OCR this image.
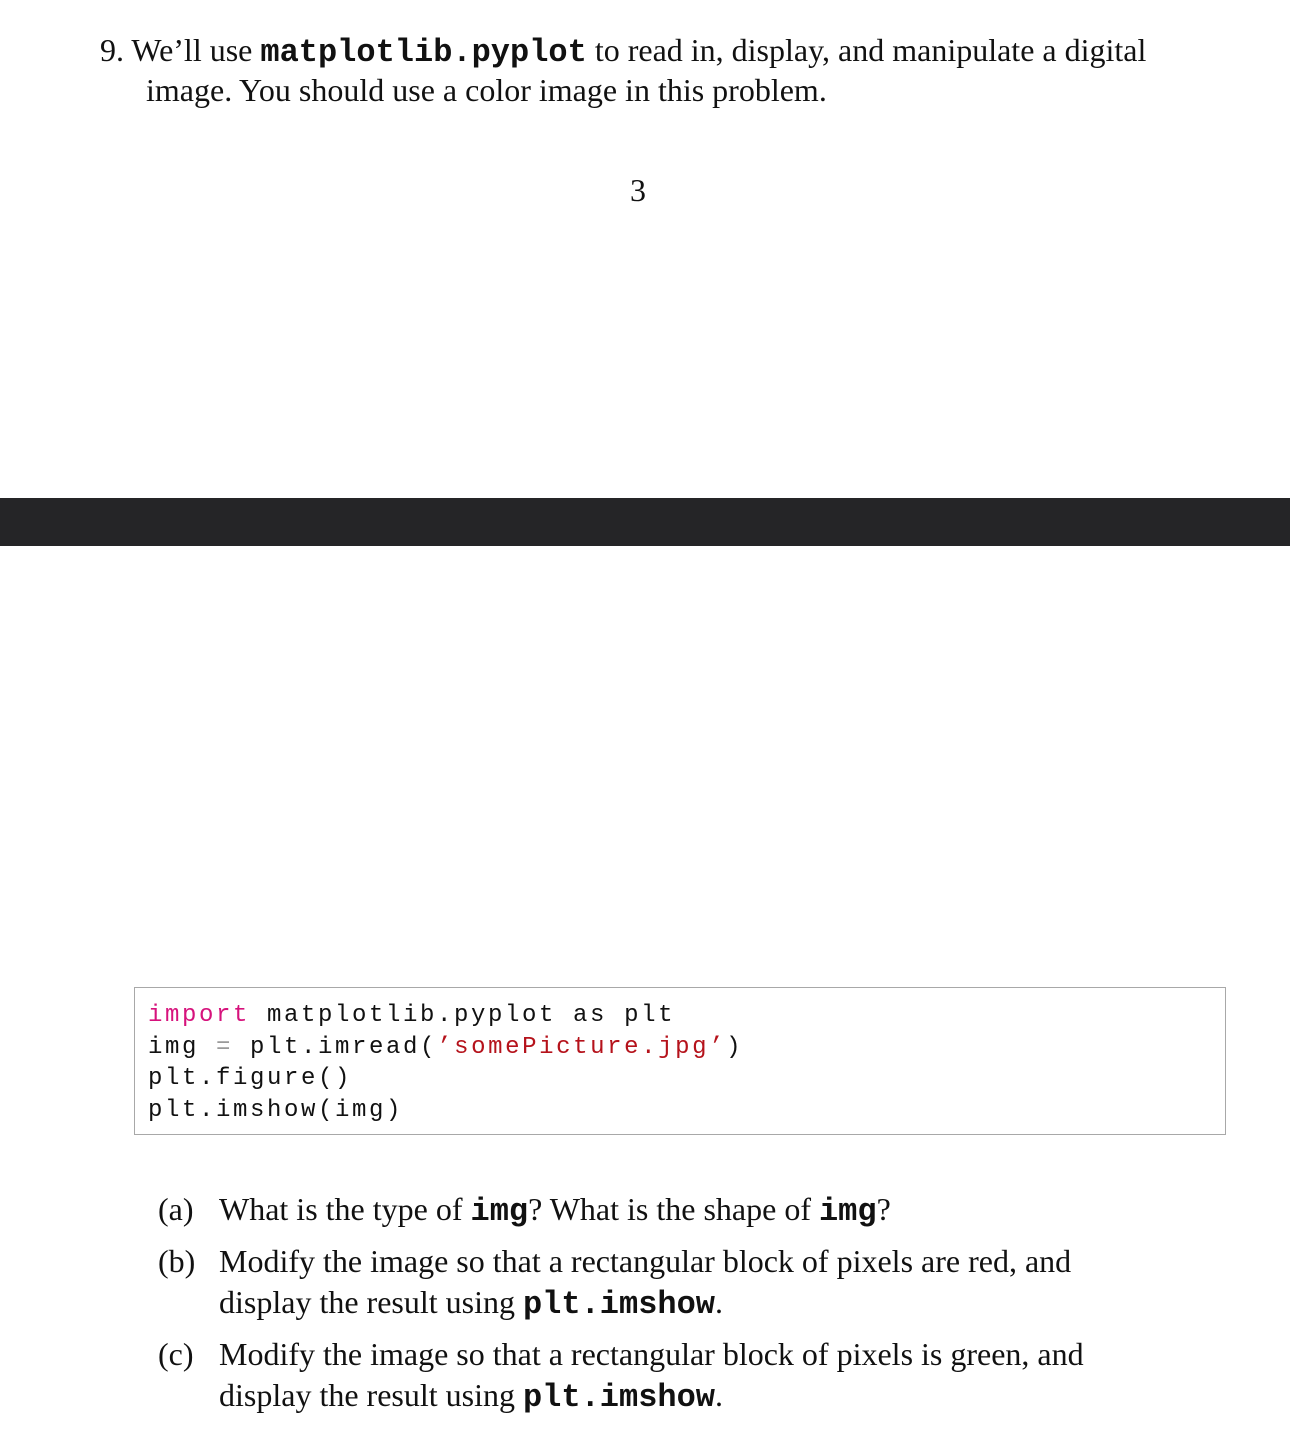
9. We’ll use matplotlib.pyplot to read in, display, and manipulate a digital
image. You should use a color image in this problem.
3
import matplotlib.pyplot as plt
img = plt.imread(’somePicture.jpg’)
plt.figure()
plt.imshow(img)
(a) What is the type of img? What is the shape of img?
(b) Modify the image so that a rectangular block of pixels are red, and
display the result using plt.imshow.
(c) Modify the image so that a rectangular block of pixels is green, and
display the result using plt.imshow.
